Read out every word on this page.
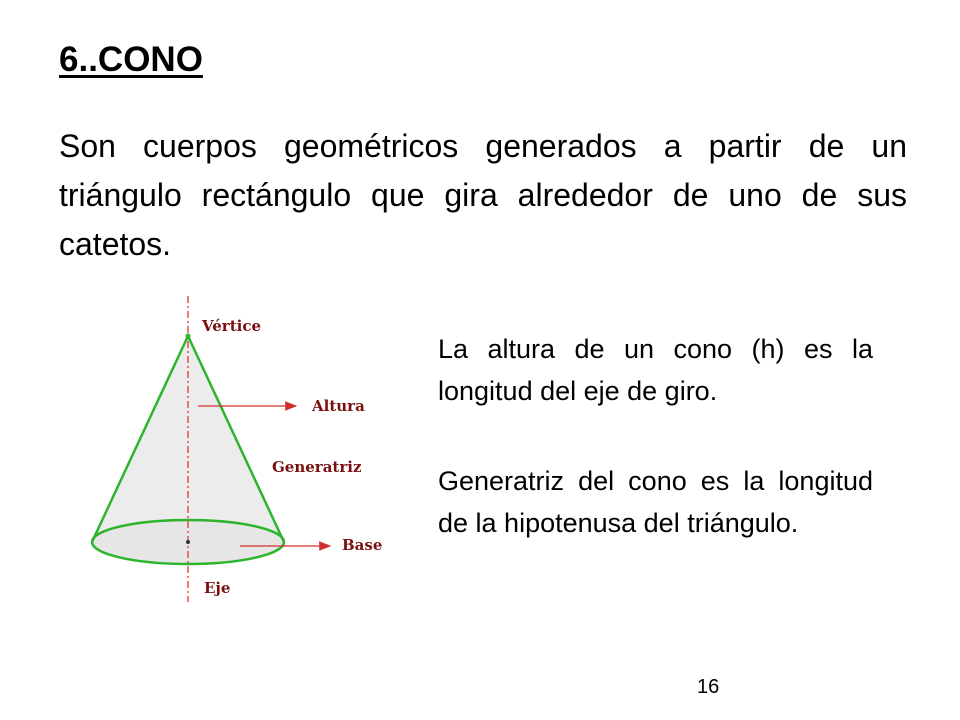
6..CONO

Son cuerpos geométricos generados a partir de un triángulo rectángulo que gira alrededor de uno de sus catetos.

Vértice
Altura
Generatriz
Base
Eje

La altura de un cono (h) es la longitud del eje de giro.

Generatriz del cono es la longitud de la hipotenusa del triángulo.

16
